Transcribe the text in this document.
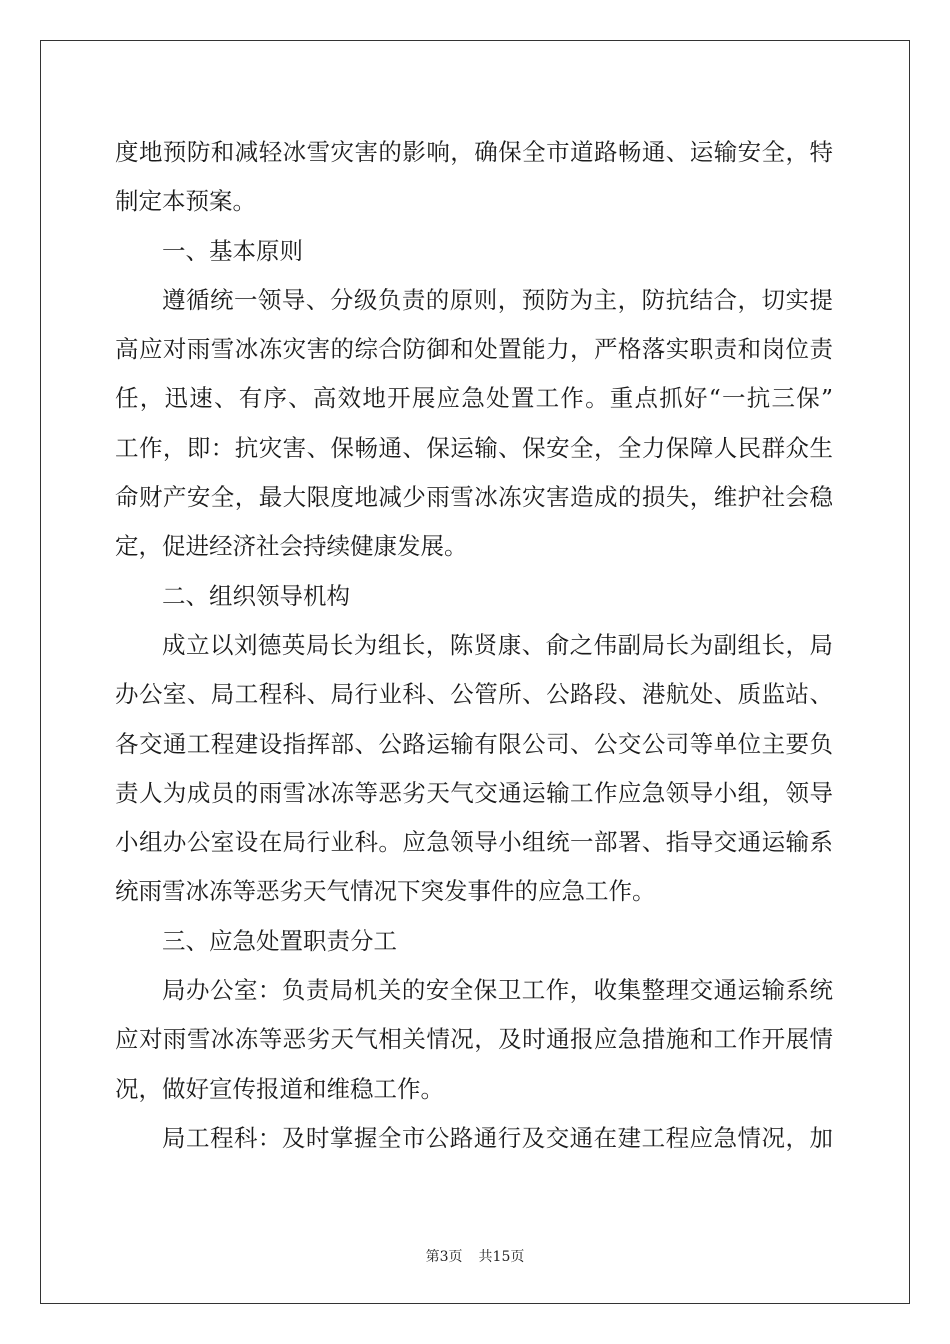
度地预防和减轻冰雪灾害的影响，确保全市道路畅通、运输安全，特
制定本预案。
一、基本原则
遵循统一领导、分级负责的原则，预防为主，防抗结合，切实提
高应对雨雪冰冻灾害的综合防御和处置能力，严格落实职责和岗位责
任，迅速、有序、高效地开展应急处置工作。重点抓好“一抗三保”
工作，即：抗灾害、保畅通、保运输、保安全，全力保障人民群众生
命财产安全，最大限度地减少雨雪冰冻灾害造成的损失，维护社会稳
定，促进经济社会持续健康发展。
二、组织领导机构
成立以刘德英局长为组长，陈贤康、俞之伟副局长为副组长，局
办公室、局工程科、局行业科、公管所、公路段、港航处、质监站、
各交通工程建设指挥部、公路运输有限公司、公交公司等单位主要负
责人为成员的雨雪冰冻等恶劣天气交通运输工作应急领导小组，领导
小组办公室设在局行业科。应急领导小组统一部署、指导交通运输系
统雨雪冰冻等恶劣天气情况下突发事件的应急工作。
三、应急处置职责分工
局办公室：负责局机关的安全保卫工作，收集整理交通运输系统
应对雨雪冰冻等恶劣天气相关情况，及时通报应急措施和工作开展情
况，做好宣传报道和维稳工作。
局工程科：及时掌握全市公路通行及交通在建工程应急情况，加
第3页 共15页
